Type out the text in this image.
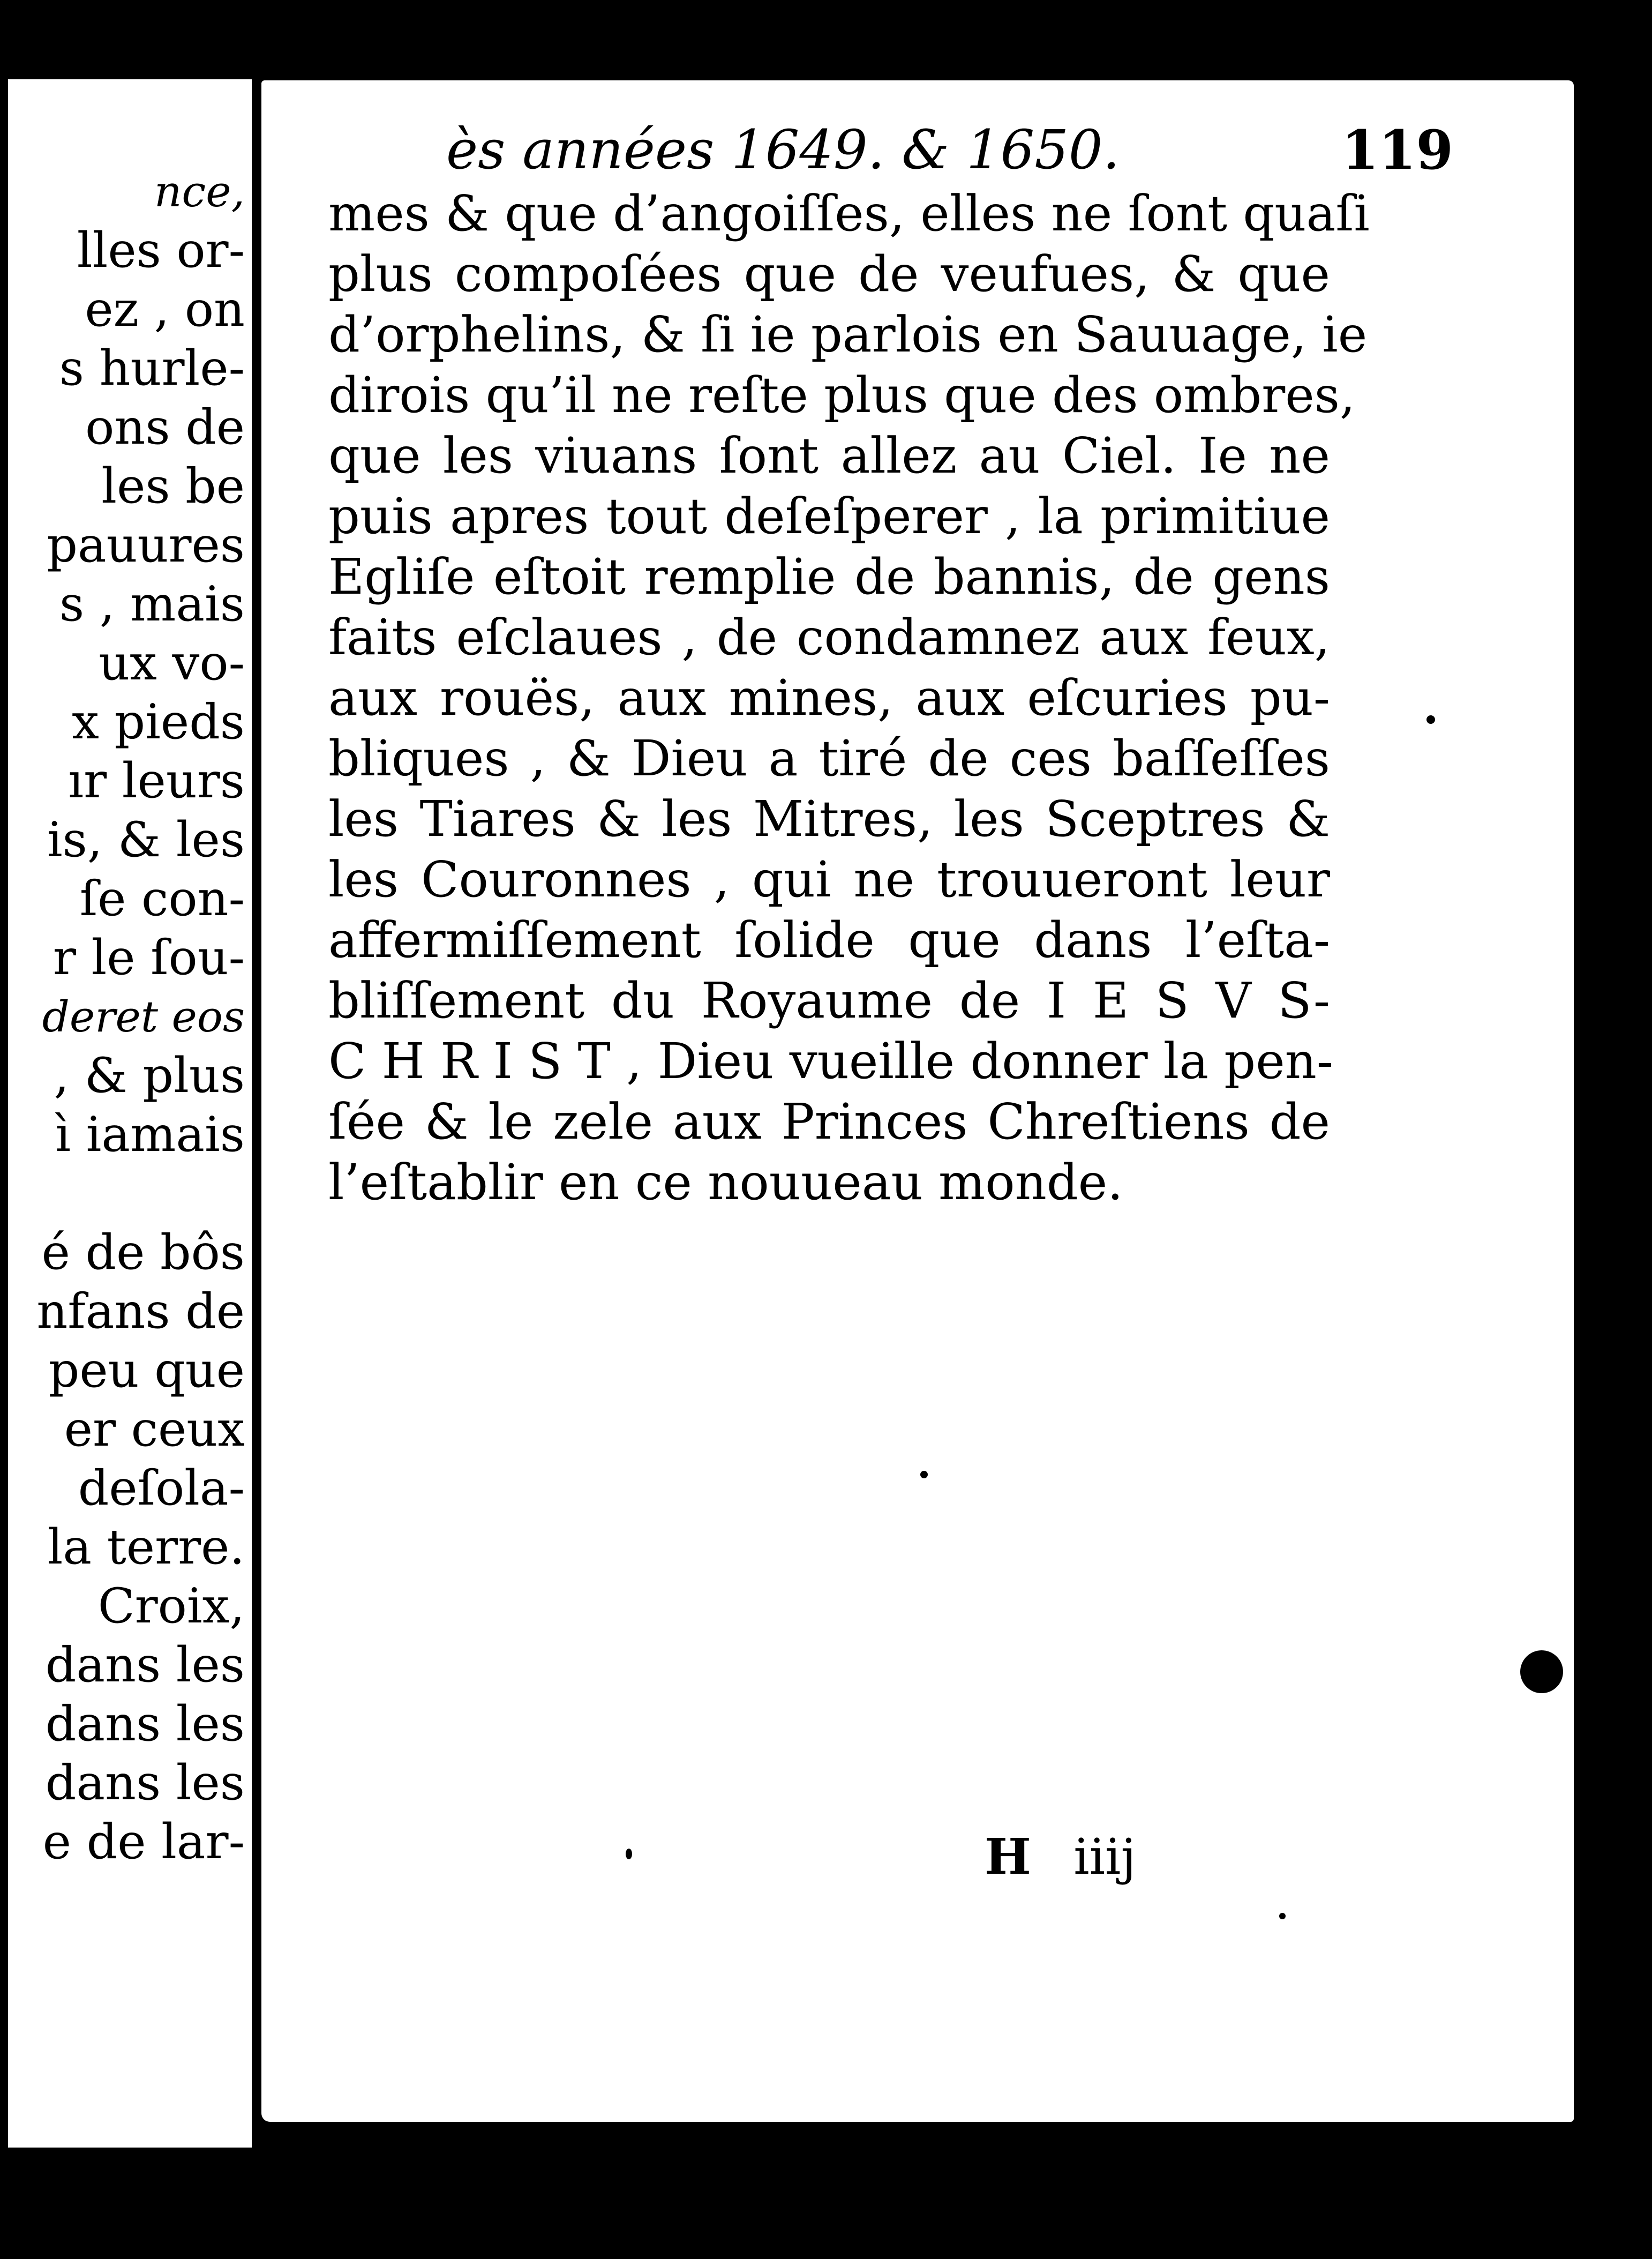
nce,
lles or-
ez , on
s hurle-
ons de
les be
pauures
s , mais
ux vo-
x pieds
ır leurs
is, & les
ſe con-
r le ſou-
deret eos
, & plus
ì iamais
é de bôs
nfans de
peu que
er ceux
deſola-
la terre.
Croix,
dans les
dans les
dans les
e de lar-
ès années 1649. & 1650.	119
mes & que d’angoiſſes, elles ne ſont quaſi
plus compoſées que de veufues, & que
d’orphelins, & ſi ie parlois en Sauuage, ie
dirois qu’il ne reſte plus que des ombres,
que les viuans ſont allez au Ciel. Ie ne
puis apres tout deſeſperer , la primitiue
Egliſe eſtoit remplie de bannis, de gens
faits eſclaues , de condamnez aux feux,
aux rouës, aux mines, aux eſcuries pu-
bliques , & Dieu a tiré de ces baſſeſſes
les Tiares & les Mitres, les Sceptres &
les Couronnes , qui ne trouueront leur
affermiſſement ſolide que dans l’eſta-
bliſſement du Royaume de I E S V S-
C H R I S T , Dieu vueille donner la pen-
ſée & le zele aux Princes Chreſtiens de
l’eſtablir en ce nouueau monde.
H iiij
